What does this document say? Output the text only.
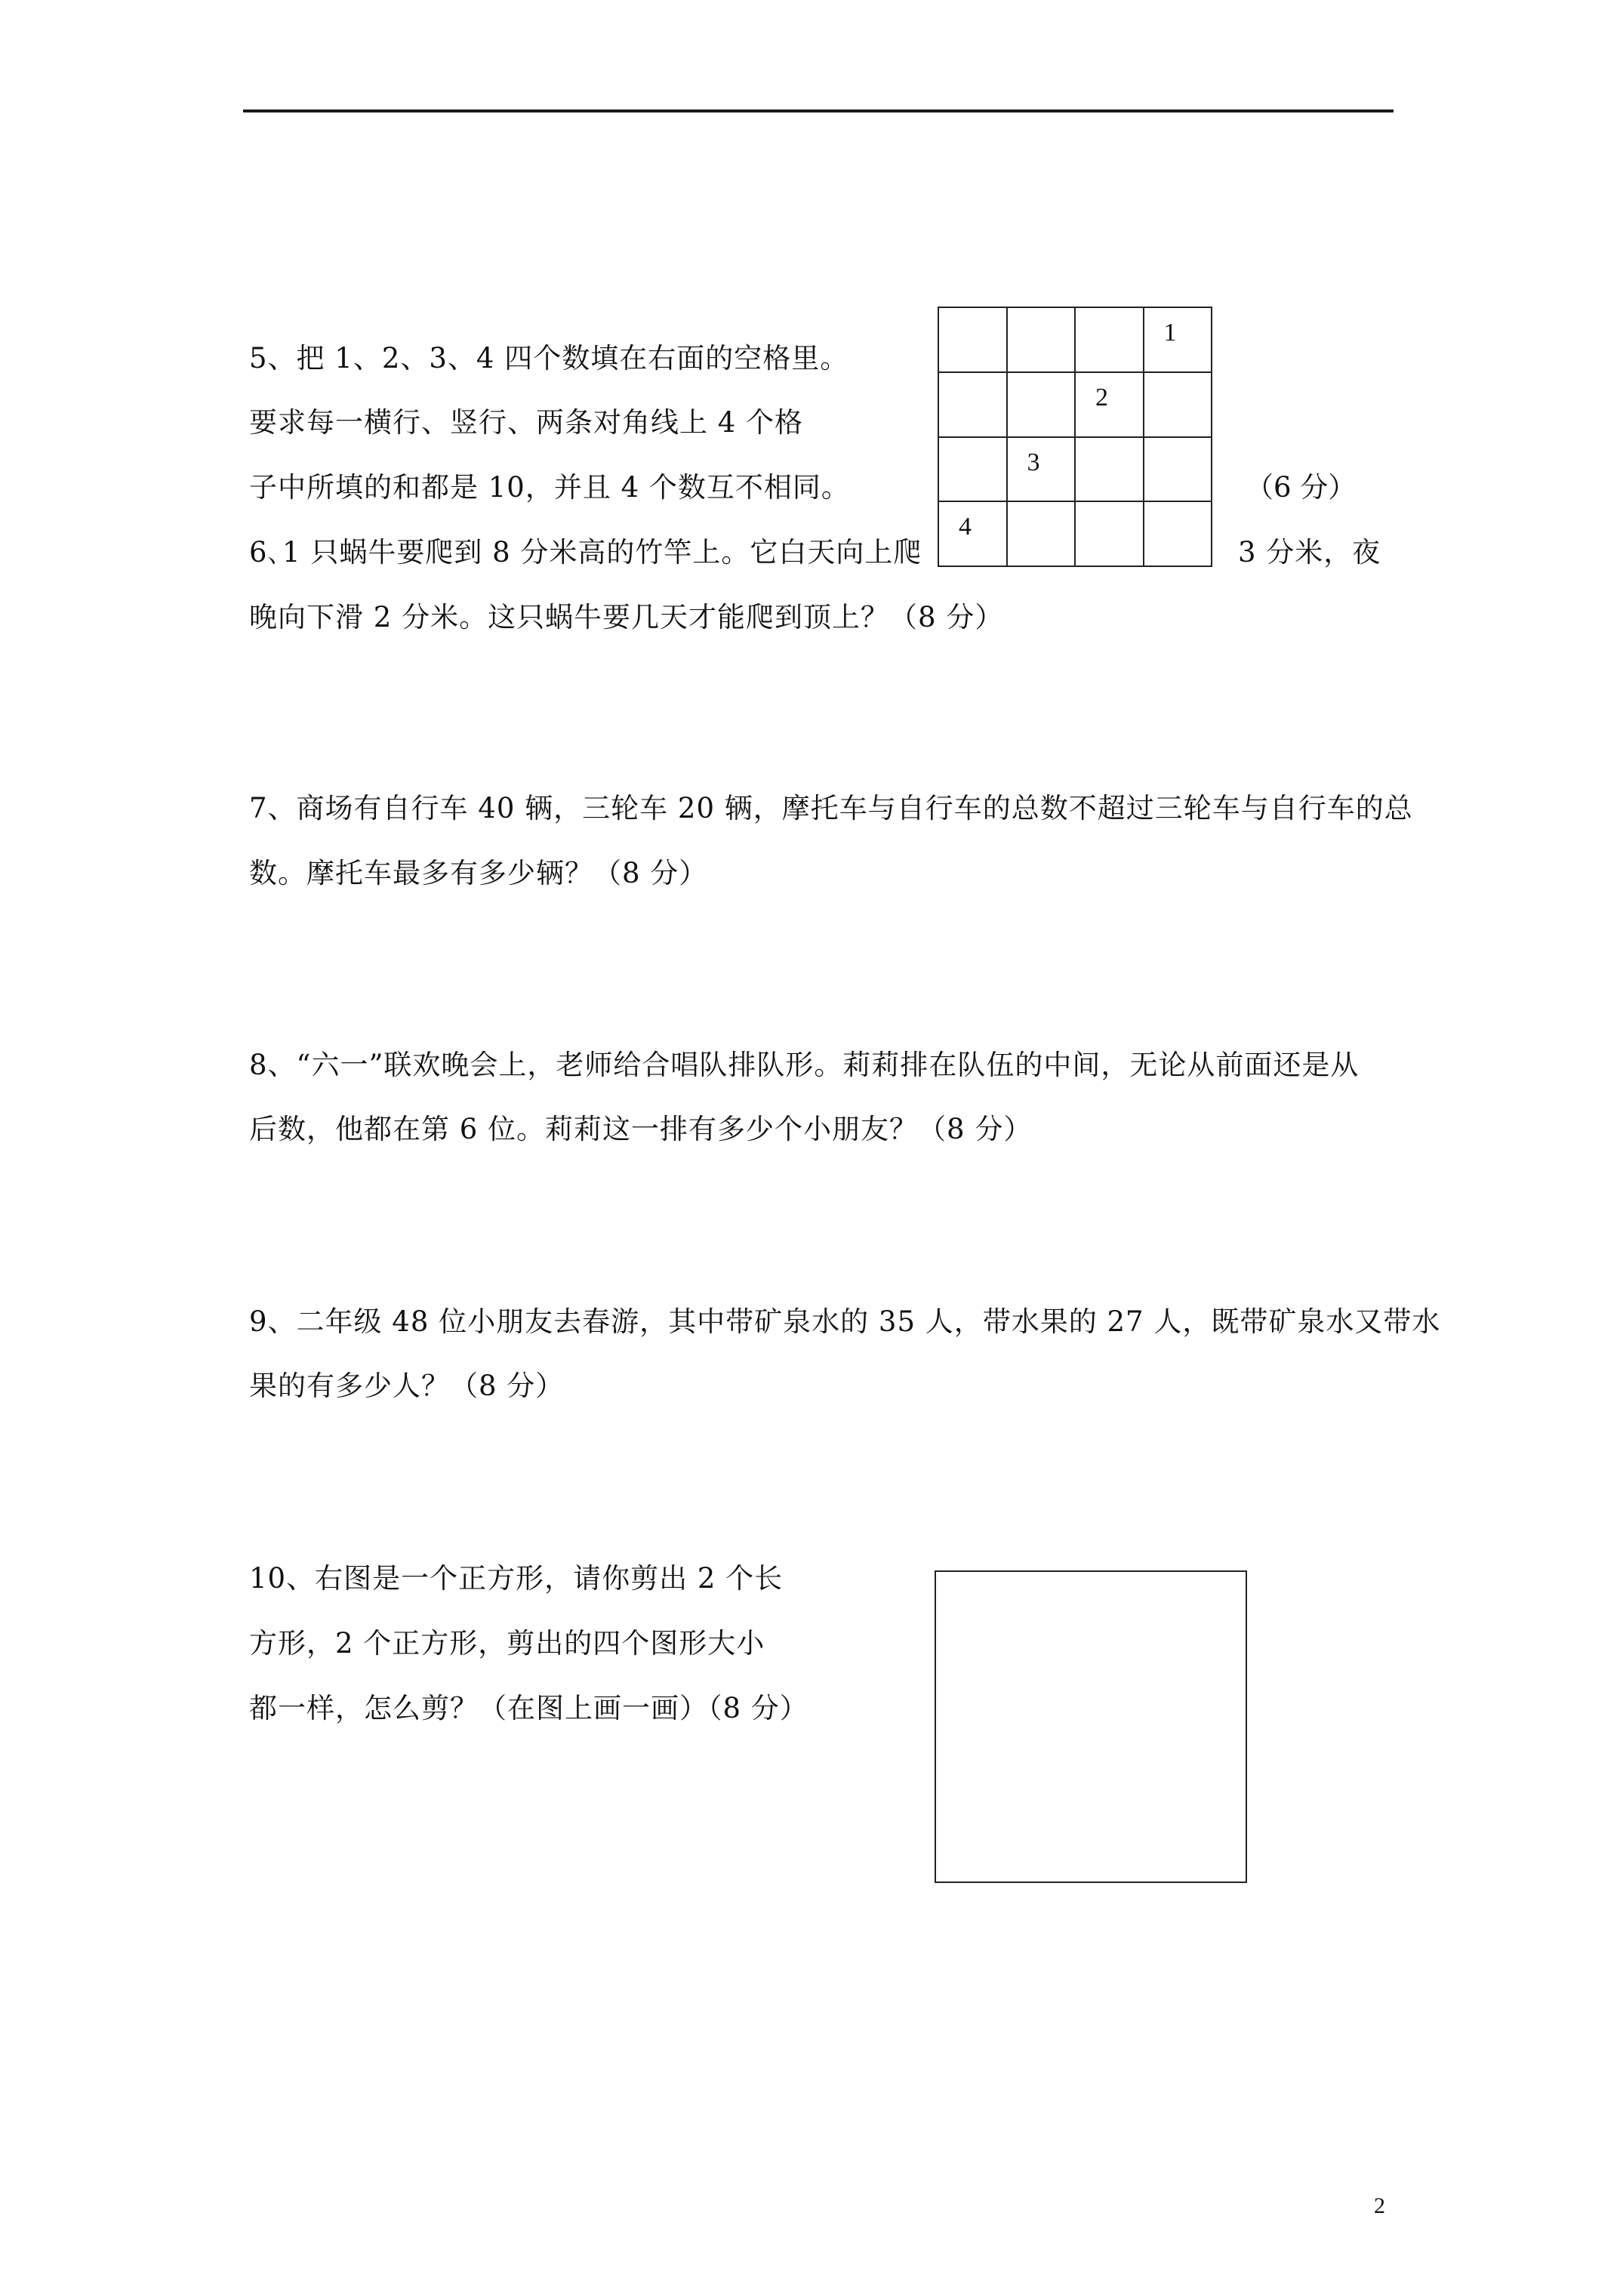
5、把 1、2、3、4 四个数填在右面的空格里。

要求每一横行、竖行、两条对角线上 4 个格

子中所填的和都是 10，并且 4 个数互不相同。	（6 分）
1
2
3
4

6､1 只蜗牛要爬到 8 分米高的竹竿上。它白天向上爬	3 分米，夜

晚向下滑 2 分米。这只蜗牛要几天才能爬到顶上？（8 分）

7、商场有自行车 40 辆，三轮车 20 辆，摩托车与自行车的总数不超过三轮车与自行车的总

数。摩托车最多有多少辆？（8 分）

8、“六一”联欢晚会上，老师给合唱队排队形。莉莉排在队伍的中间，无论从前面还是从

后数，他都在第 6 位。莉莉这一排有多少个小朋友？（8 分）

9、二年级 48 位小朋友去春游，其中带矿泉水的 35 人，带水果的 27 人，既带矿泉水又带水

果的有多少人？（8 分）

10、右图是一个正方形，请你剪出 2 个长

方形，2 个正方形，剪出的四个图形大小

都一样，怎么剪？（在图上画一画）（8 分）

2
